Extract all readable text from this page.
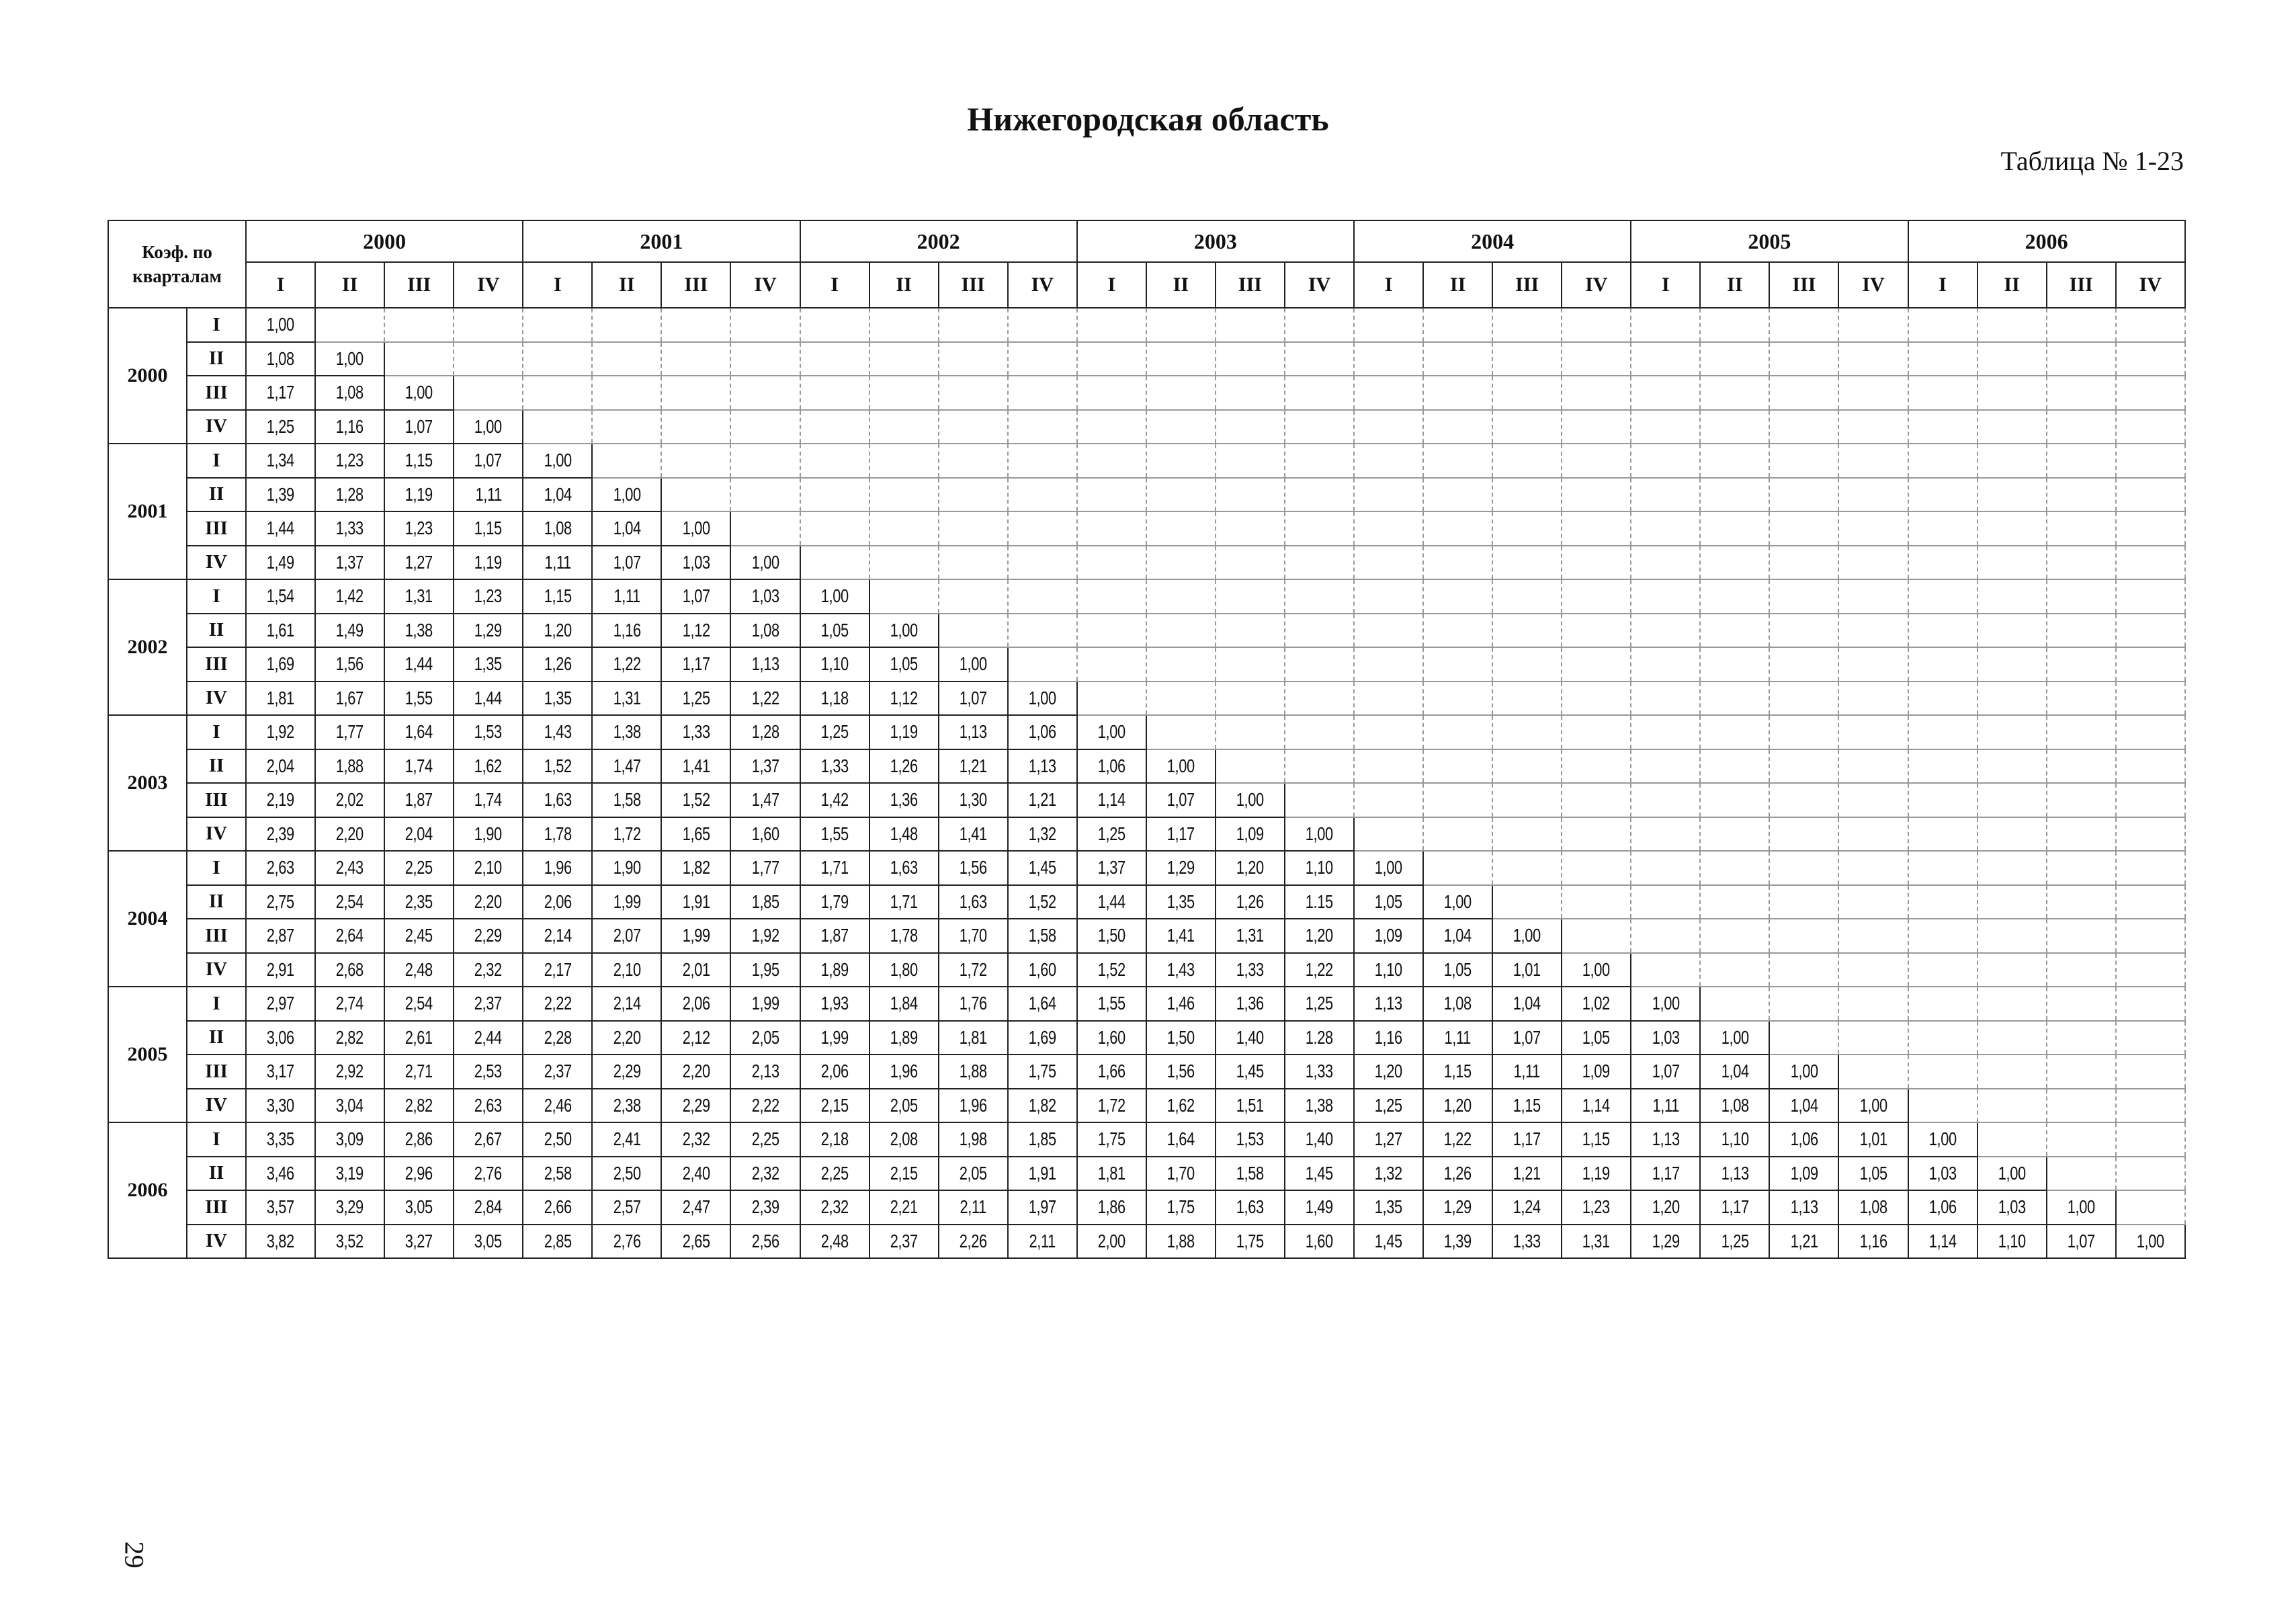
Нижегородская область
Таблица № 1-23
Коэф. по кварталам		2000				2001				2002				2003				2004				2005				2006			
		I	II	III	IV	I	II	III	IV	I	II	III	IV	I	II	III	IV	I	II	III	IV	I	II	III	IV	I	II	III	IV
2000	I	1,00																											
	II	1,08	1,00																										
	III	1,17	1,08	1,00																									
	IV	1,25	1,16	1,07	1,00																								
2001	I	1,34	1,23	1,15	1,07	1,00																							
	II	1,39	1,28	1,19	1,11	1,04	1,00																						
	III	1,44	1,33	1,23	1,15	1,08	1,04	1,00																					
	IV	1,49	1,37	1,27	1,19	1,11	1,07	1,03	1,00																				
2002	I	1,54	1,42	1,31	1,23	1,15	1,11	1,07	1,03	1,00																			
	II	1,61	1,49	1,38	1,29	1,20	1,16	1,12	1,08	1,05	1,00																		
	III	1,69	1,56	1,44	1,35	1,26	1,22	1,17	1,13	1,10	1,05	1,00																	
	IV	1,81	1,67	1,55	1,44	1,35	1,31	1,25	1,22	1,18	1,12	1,07	1,00																
2003	I	1,92	1,77	1,64	1,53	1,43	1,38	1,33	1,28	1,25	1,19	1,13	1,06	1,00															
	II	2,04	1,88	1,74	1,62	1,52	1,47	1,41	1,37	1,33	1,26	1,21	1,13	1,06	1,00														
	III	2,19	2,02	1,87	1,74	1,63	1,58	1,52	1,47	1,42	1,36	1,30	1,21	1,14	1,07	1,00													
	IV	2,39	2,20	2,04	1,90	1,78	1,72	1,65	1,60	1,55	1,48	1,41	1,32	1,25	1,17	1,09	1,00												
2004	I	2,63	2,43	2,25	2,10	1,96	1,90	1,82	1,77	1,71	1,63	1,56	1,45	1,37	1,29	1,20	1,10	1,00											
	II	2,75	2,54	2,35	2,20	2,06	1,99	1,91	1,85	1,79	1,71	1,63	1,52	1,44	1,35	1,26	1.15	1,05	1,00										
	III	2,87	2,64	2,45	2,29	2,14	2,07	1,99	1,92	1,87	1,78	1,70	1,58	1,50	1,41	1,31	1,20	1,09	1,04	1,00									
	IV	2,91	2,68	2,48	2,32	2,17	2,10	2,01	1,95	1,89	1,80	1,72	1,60	1,52	1,43	1,33	1,22	1,10	1,05	1,01	1,00								
2005	I	2,97	2,74	2,54	2,37	2,22	2,14	2,06	1,99	1,93	1,84	1,76	1,64	1,55	1,46	1,36	1,25	1,13	1,08	1,04	1,02	1,00							
	II	3,06	2,82	2,61	2,44	2,28	2,20	2,12	2,05	1,99	1,89	1,81	1,69	1,60	1,50	1,40	1.28	1,16	1,11	1,07	1,05	1,03	1,00						
	III	3,17	2,92	2,71	2,53	2,37	2,29	2,20	2,13	2,06	1,96	1,88	1,75	1,66	1,56	1,45	1,33	1,20	1,15	1,11	1,09	1,07	1,04	1,00					
	IV	3,30	3,04	2,82	2,63	2,46	2,38	2,29	2,22	2,15	2,05	1,96	1,82	1,72	1,62	1,51	1,38	1,25	1,20	1,15	1,14	1,11	1,08	1,04	1,00				
2006	I	3,35	3,09	2,86	2,67	2,50	2,41	2,32	2,25	2,18	2,08	1,98	1,85	1,75	1,64	1,53	1,40	1,27	1,22	1,17	1,15	1,13	1,10	1,06	1,01	1,00			
	II	3,46	3,19	2,96	2,76	2,58	2,50	2,40	2,32	2,25	2,15	2,05	1,91	1,81	1,70	1,58	1,45	1,32	1,26	1,21	1,19	1,17	1,13	1,09	1,05	1,03	1,00		
	III	3,57	3,29	3,05	2,84	2,66	2,57	2,47	2,39	2,32	2,21	2,11	1,97	1,86	1,75	1,63	1,49	1,35	1,29	1,24	1,23	1,20	1,17	1,13	1,08	1,06	1,03	1,00	
	IV	3,82	3,52	3,27	3,05	2,85	2,76	2,65	2,56	2,48	2,37	2,26	2,11	2,00	1,88	1,75	1,60	1,45	1,39	1,33	1,31	1,29	1,25	1,21	1,16	1,14	1,10	1,07	1,00
29
